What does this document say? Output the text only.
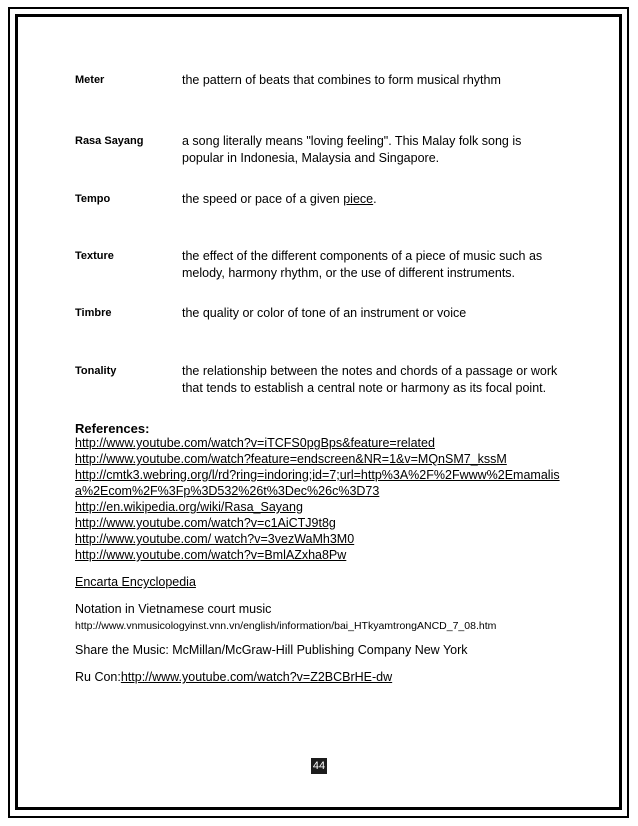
Meter	the pattern of beats that combines to form musical rhythm
Rasa Sayang	a song literally means "loving feeling". This Malay folk song is
popular in Indonesia, Malaysia and Singapore.
Tempo	the speed or pace of a given piece.
Texture	the effect of the different components of a piece of music such as
melody, harmony rhythm, or the use of different instruments.
Timbre	the quality or color of tone of an instrument or voice
Tonality	the relationship between the notes and chords of a passage or work
that tends to establish a central note or harmony as its focal point.
References:
http://www.youtube.com/watch?v=iTCFS0pgBps&feature=related
http://www.youtube.com/watch?feature=endscreen&NR=1&v=MQnSM7_kssM
http://cmtk3.webring.org/l/rd?ring=indoring;id=7;url=http%3A%2F%2Fwww%2Emamalis
a%2Ecom%2F%3Fp%3D532%26t%3Dec%26c%3D73
http://en.wikipedia.org/wiki/Rasa_Sayang
http://www.youtube.com/watch?v=c1AiCTJ9t8g
http://www.youtube.com/ watch?v=3vezWaMh3M0
http://www.youtube.com/watch?v=BmlAZxha8Pw
Encarta Encyclopedia
Notation in Vietnamese court music
http://www.vnmusicologyinst.vnn.vn/english/information/bai_HTkyamtrongANCD_7_08.htm
Share the Music: McMillan/McGraw-Hill Publishing Company New York
Ru Con:http://www.youtube.com/watch?v=Z2BCBrHE-dw
44
